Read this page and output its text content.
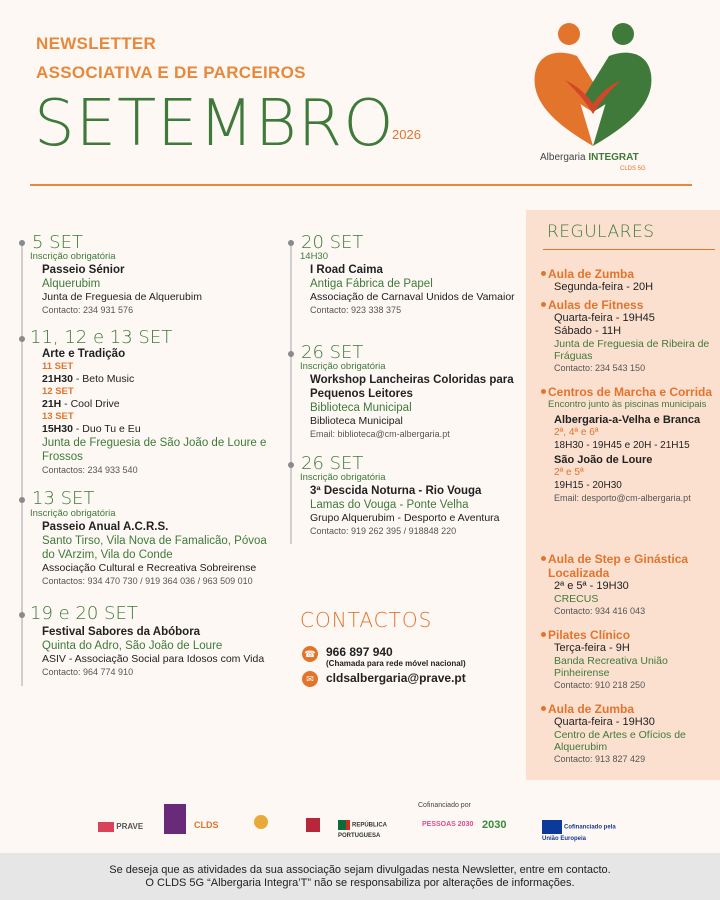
NEWSLETTER
ASSOCIATIVA E DE PARCEIROS
SETEMBRO
2026
Albergaria INTEGRAT
CLDS 5G
5 SET
Inscrição obrigatória
Passeio Sénior
Alquerubim
Junta de Freguesia de Alquerubim
Contacto: 234 931 576
11, 12 e 13 SET
Arte e Tradição
11 SET
21H30 - Beto Music
12 SET
21H - Cool Drive
13 SET
15H30 - Duo Tu e Eu
Junta de Freguesia de São João de Loure e Frossos
Contactos: 234 933 540
13 SET
Inscrição obrigatória
Passeio Anual A.C.R.S.
Santo Tirso, Vila Nova de Famalicão, Póvoa do VArzim, Vila do Conde
Associação Cultural e Recreativa Sobreirense
Contactos: 934 470 730 / 919 364 036 / 963 509 010
19 e 20 SET
Festival Sabores da Abóbora
Quinta do Adro, São João de Loure
ASIV - Associação Social para Idosos com Vida
Contacto: 964 774 910
20 SET
14H30
I Road Caima
Antiga Fábrica de Papel
Associação de Carnaval Unidos de Vamaior
Contacto: 923 338 375
26 SET
Inscrição obrigatória
Workshop Lancheiras Coloridas para Pequenos Leitores
Biblioteca Municipal
Biblioteca Municipal
Email: biblioteca@cm-albergaria.pt
26 SET
Inscrição obrigatória
3ª Descida Noturna - Rio Vouga
Lamas do Vouga - Ponte Velha
Grupo Alquerubim - Desporto e Aventura
Contacto: 919 262 395 / 918848 220
CONTACTOS
☎ 966 897 940
(Chamada para rede móvel nacional)
✉	cldsalbergaria@prave.pt
REGULARES
Aula de Zumba
Segunda-feira - 20H
Aulas de Fitness
Quarta-feira - 19H45
Sábado - 11H
Junta de Freguesia de Ribeira de Fráguas
Contacto: 234 543 150
Centros de Marcha e Corrida
Encontro junto às piscinas municipais
Albergaria-a-Velha e Branca
2ª, 4ª e 6ª
18H30 - 19H45 e 20H - 21H15
São João de Loure
2ª e 5ª
19H15 - 20H30
Email: desporto@cm-albergaria.pt
Aula de Step e Ginástica Localizada
2ª e 5ª - 19H30
CRECUS
Contacto: 934 416 043
Pilates Clínico
Terça-feira - 9H
Banda Recreativa União Pinheirense
Contacto: 910 218 250
Aula de Zumba
Quarta-feira - 19H30
Centro de Artes e Ofícios de Alquerubim
Contacto: 913 827 429
Cofinanciado por
PRAVE	CLDS	REPÚBLICA PORTUGUESA
PESSOAS 2030 2030	Cofinanciado pela União Europeia

Se deseja que as atividades da sua associação sejam divulgadas nesta Newsletter, entre em contacto.

O CLDS 5G “Albergaria Integra’T” não se responsabiliza por alterações de informações.
